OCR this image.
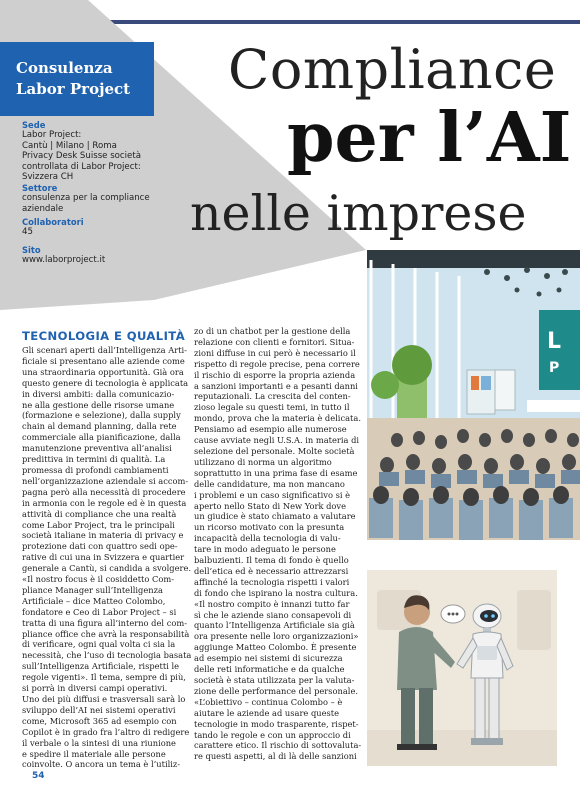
Consulenza
Labor Project
Sede
Labor Project:
Cantù | Milano | Roma
Privacy Desk Suisse società
controllata di Labor Project:
Svizzera CH
Settore
consulenza per la compliance
aziendale
Collaboratori
45
Sito
www.laborproject.it
Compliance
per l’AI
nelle imprese
TECNOLOGIA E QUALITÀ
Gli scenari aperti dall’Intelligenza Arti-
ficiale si presentano alle aziende come
una straordinaria opportunità. Già ora
questo genere di tecnologia è applicata
in diversi ambiti: dalla comunicazio-
ne alla gestione delle risorse umane
(formazione e selezione), dalla supply
chain al demand planning, dalla rete
commerciale alla pianificazione, dalla
manutenzione preventiva all’analisi
predittiva in termini di qualità. La
promessa di profondi cambiamenti
nell’organizzazione aziendale si accom-
pagna però alla necessità di procedere
in armonia con le regole ed è in questa
attività di compliance che una realtà
come Labor Project, tra le principali
società italiane in materia di privacy e
protezione dati con quattro sedi ope-
rative di cui una in Svizzera e quartier
generale a Cantù, si candida a svolgere.
«Il nostro focus è il cosiddetto Com-
pliance Manager sull’Intelligenza
Artificiale – dice Matteo Colombo,
fondatore e Ceo di Labor Project – si
tratta di una figura all’interno del com-
pliance office che avrà la responsabilità
di verificare, ogni qual volta ci sia la
necessità, che l’uso di tecnologia basata
sull’Intelligenza Artificiale, rispetti le
regole vigenti». Il tema, sempre di più,
si porrà in diversi campi operativi.
Uno dei più diffusi e trasversali sarà lo
sviluppo dell’AI nei sistemi operativi
come, Microsoft 365 ad esempio con
Copilot è in grado fra l’altro di redigere
il verbale o la sintesi di una riunione
e spedire il materiale alle persone
coinvolte. O ancora un tema è l’utiliz-
zo di un chatbot per la gestione della
relazione con clienti e fornitori. Situa-
zioni diffuse in cui però è necessario il
rispetto di regole precise, pena correre
il rischio di esporre la propria azienda
a sanzioni importanti e a pesanti danni
reputazionali. La crescita del conten-
zioso legale su questi temi, in tutto il
mondo, prova che la materia è delicata.
Pensiamo ad esempio alle numerose
cause avviate negli U.S.A. in materia di
selezione del personale. Molte società
utilizzano di norma un algoritmo
soprattutto in una prima fase di esame
delle candidature, ma non mancano
i problemi e un caso significativo si è
aperto nello Stato di New York dove
un giudice è stato chiamato a valutare
un ricorso motivato con la presunta
incapacità della tecnologia di valu-
tare in modo adeguato le persone
balbuzienti. Il tema di fondo è quello
dell’etica ed è necessario attrezzarsi
affinché la tecnologia rispetti i valori
di fondo che ispirano la nostra cultura.
«Il nostro compito è innanzi tutto far
sì che le aziende siano consapevoli di
quanto l’Intelligenza Artificiale sia già
ora presente nelle loro organizzazioni»
aggiunge Matteo Colombo. È presente
ad esempio nei sistemi di sicurezza
delle reti informatiche e da qualche
società è stata utilizzata per la valuta-
zione delle performance del personale.
«L’obiettivo – continua Colombo – è
aiutare le aziende ad usare queste
tecnologie in modo trasparente, rispet-
tando le regole e con un approccio di
carattere etico. Il rischio di sottovaluta-
re questi aspetti, al di là delle sanzioni
L
P
54
